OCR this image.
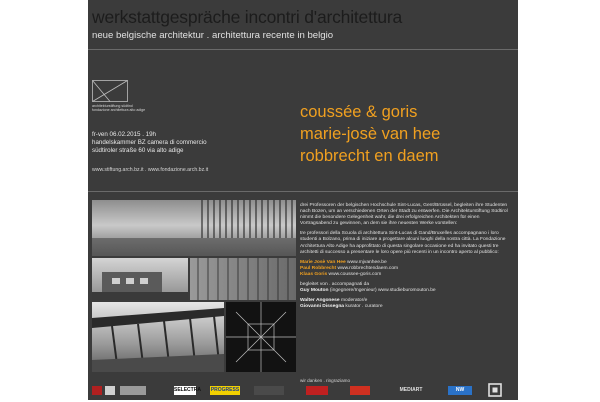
werkstattgespräche incontri d'architettura
neue belgische architektur . architettura recente in belgio
architekturstiftung südtirol
fondazione architettura alto adige
fr-ven 06.02.2015 . 19h
handelskammer BZ camera di commercio
südtiroler straße 60 via alto adige
www.stiftung.arch.bz.it . www.fondazione.arch.bz.it
coussée & goris
marie-josè van hee
robbrecht en daem

drei Professoren der belgischen Hochschule Sint-Lucas, Gent/Brüssel, begleiten ihre Studenten nach Bozen, um an verschiedenen Orten der Stadt zu entwerfen. Die Architekturstiftung Südtirol nimmt die besondere Gelegenheit wahr, die drei erfolgreichen Architekten für einen Vortragsabend zu gewinnen, an dem sie ihre neuesten Werke vorstellen:

tre professori della Scuola di architettura Sint-Lucas di Gand/Bruxelles accompagnano i loro studenti a Bolzano, prima di iniziare a progettare alcuni luoghi della nostra città. La Fondazione Architettura Alto Adige ha approfittato di questa singolare occasione ed ha invitato questi tre architetti di successo a presentare le loro opere più recenti in un incontro aperto al pubblico:

Marie Josè Van Hee www.mjvanhee.be
Paul Robbrecht www.robbrechtendaem.com
Klaas Goris www.coussee-goris.com

begleitet von . accompagnati da
Guy Mouton (ingegnere/Ingenieur) www.studieburomouton.be

Walter Angonese moderator/e
Giovanni Dissegna kurator . curatore

wir danken . ringraziamo
SELECTRA PROGRESS	MEDIART	NW
